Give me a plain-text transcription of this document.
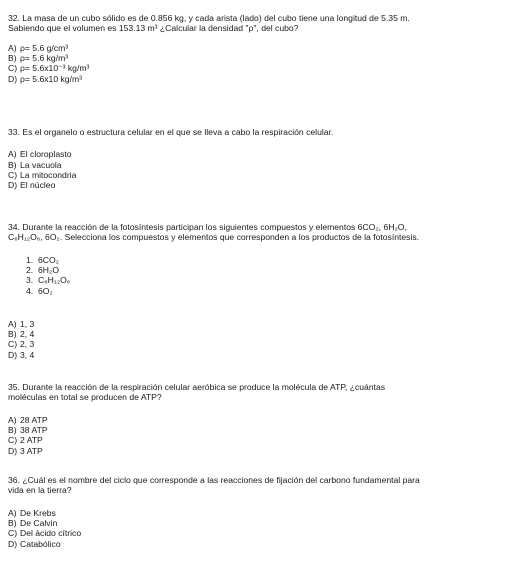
32. La masa de un cubo sólido es de 0.856 kg, y cada arista (lado) del cubo tiene una longitud de 5.35 m.

Sabiendo que el volumen es 153.13 m³ ¿Calcular la densidad "ρ", del cubo?

A) ρ= 5.6 g/cm³
B) ρ= 5.6 kg/m³
C) ρ= 5.6x10⁻³ kg/m³
D) ρ= 5.6x10 kg/m³

33. Es el organelo o estructura celular en el que se lleva a cabo la respiración celular.

A) El cloroplasto
B) La vacuola
C) La mitocondria
D) El núcleo

34. Durante la reacción de la fotosíntesis participan los siguientes compuestos y elementos 6CO₂, 6H₂O,

C₆H₁₂O₆, 6O₂. Selecciona los compuestos y elementos que corresponden a los productos de la fotosíntesis.

1. 6CO₂
2. 6H₂O
3. C₆H₁₂O₆
4. 6O₂
A) 1, 3
B) 2, 4
C) 2, 3
D) 3, 4

35. Durante la reacción de la respiración celular aeróbica se produce la molécula de ATP, ¿cuántas

moléculas en total se producen de ATP?

A) 28 ATP
B) 38 ATP
C) 2 ATP
D) 3 ATP

36. ¿Cuál es el nombre del ciclo que corresponde a las reacciones de fijación del carbono fundamental para

vida en la tierra?

A) De Krebs
B) De Calvin
C) Del ácido cítrico
D) Catabólico
